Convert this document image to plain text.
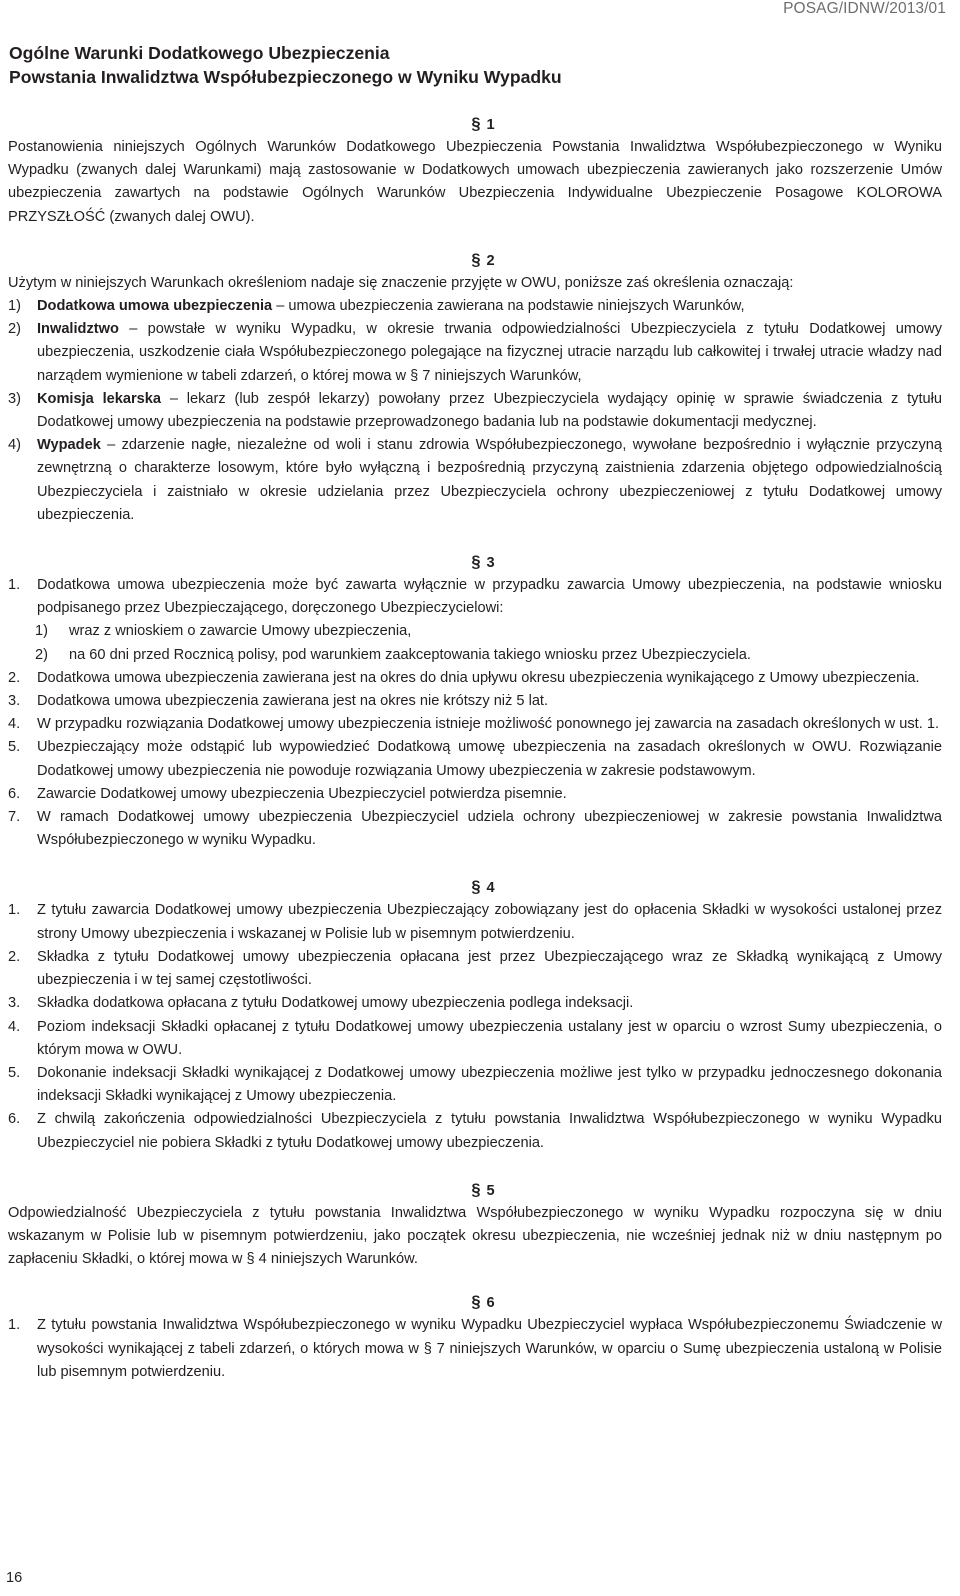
POSAG/IDNW/2013/01
Ogólne Warunki Dodatkowego Ubezpieczenia
Powstania Inwalidztwa Współubezpieczonego w Wyniku Wypadku
§ 1
Postanowienia niniejszych Ogólnych Warunków Dodatkowego Ubezpieczenia Powstania Inwalidztwa Współubezpieczonego w Wyniku Wypadku (zwanych dalej Warunkami) mają zastosowanie w Dodatkowych umowach ubezpieczenia zawieranych jako rozszerzenie Umów ubezpieczenia zawartych na podstawie Ogólnych Warunków Ubezpieczenia Indywidualne Ubezpieczenie Posagowe KOLOROWA PRZYSZŁOŚĆ (zwanych dalej OWU).
§ 2
Użytym w niniejszych Warunkach określeniom nadaje się znaczenie przyjęte w OWU, poniższe zaś określenia oznaczają:
1)	Dodatkowa umowa ubezpieczenia – umowa ubezpieczenia zawierana na podstawie niniejszych Warunków,
2)	Inwalidztwo – powstałe w wyniku Wypadku, w okresie trwania odpowiedzialności Ubezpieczyciela z tytułu Dodatkowej umowy ubezpieczenia, uszkodzenie ciała Współubezpieczonego polegające na fizycznej utracie narządu lub całkowitej i trwałej utracie władzy nad narządem wymienione w tabeli zdarzeń, o której mowa w § 7 niniejszych Warunków,
3)	Komisja lekarska – lekarz (lub zespół lekarzy) powołany przez Ubezpieczyciela wydający opinię w sprawie świadczenia z tytułu Dodatkowej umowy ubezpieczenia na podstawie przeprowadzonego badania lub na podstawie dokumentacji medycznej.
4)	Wypadek – zdarzenie nagłe, niezależne od woli i stanu zdrowia Współubezpieczonego, wywołane bezpośrednio i wyłącznie przyczyną zewnętrzną o charakterze losowym, które było wyłączną i bezpośrednią przyczyną zaistnienia zdarzenia objętego odpowiedzialnością Ubezpieczyciela i zaistniało w okresie udzielania przez Ubezpieczyciela ochrony ubezpieczeniowej z tytułu Dodatkowej umowy ubezpieczenia.
§ 3
1.	Dodatkowa umowa ubezpieczenia może być zawarta wyłącznie w przypadku zawarcia Umowy ubezpieczenia, na podstawie wniosku podpisanego przez Ubezpieczającego, doręczonego Ubezpieczycielowi:
1)	wraz z wnioskiem o zawarcie Umowy ubezpieczenia,
2)	na 60 dni przed Rocznicą polisy, pod warunkiem zaakceptowania takiego wniosku przez Ubezpieczyciela.
2.	Dodatkowa umowa ubezpieczenia zawierana jest na okres do dnia upływu okresu ubezpieczenia wynikającego z Umowy ubezpieczenia.
3.	Dodatkowa umowa ubezpieczenia zawierana jest na okres nie krótszy niż 5 lat.
4.	W przypadku rozwiązania Dodatkowej umowy ubezpieczenia istnieje możliwość ponownego jej zawarcia na zasadach określonych w ust. 1.
5.	Ubezpieczający może odstąpić lub wypowiedzieć Dodatkową umowę ubezpieczenia na zasadach określonych w OWU. Rozwiązanie Dodatkowej umowy ubezpieczenia nie powoduje rozwiązania Umowy ubezpieczenia w zakresie podstawowym.
6.	Zawarcie Dodatkowej umowy ubezpieczenia Ubezpieczyciel potwierdza pisemnie.
7.	W ramach Dodatkowej umowy ubezpieczenia Ubezpieczyciel udziela ochrony ubezpieczeniowej w zakresie powstania Inwalidztwa Współubezpieczonego w wyniku Wypadku.
§ 4
1.	Z tytułu zawarcia Dodatkowej umowy ubezpieczenia Ubezpieczający zobowiązany jest do opłacenia Składki w wysokości ustalonej przez strony Umowy ubezpieczenia i wskazanej w Polisie lub w pisemnym potwierdzeniu.
2.	Składka z tytułu Dodatkowej umowy ubezpieczenia opłacana jest przez Ubezpieczającego wraz ze Składką wynikającą z Umowy ubezpieczenia i w tej samej częstotliwości.
3.	Składka dodatkowa opłacana z tytułu Dodatkowej umowy ubezpieczenia podlega indeksacji.
4.	Poziom indeksacji Składki opłacanej z tytułu Dodatkowej umowy ubezpieczenia ustalany jest w oparciu o wzrost Sumy ubezpieczenia, o którym mowa w OWU.
5.	Dokonanie indeksacji Składki wynikającej z Dodatkowej umowy ubezpieczenia możliwe jest tylko w przypadku jednoczesnego dokonania indeksacji Składki wynikającej z Umowy ubezpieczenia.
6.	Z chwilą zakończenia odpowiedzialności Ubezpieczyciela z tytułu powstania Inwalidztwa Współubezpieczonego w wyniku Wypadku Ubezpieczyciel nie pobiera Składki z tytułu Dodatkowej umowy ubezpieczenia.
§ 5
Odpowiedzialność Ubezpieczyciela z tytułu powstania Inwalidztwa Współubezpieczonego w wyniku Wypadku rozpoczyna się w dniu wskazanym w Polisie lub w pisemnym potwierdzeniu, jako początek okresu ubezpieczenia, nie wcześniej jednak niż w dniu następnym po zapłaceniu Składki, o której mowa w § 4 niniejszych Warunków.
§ 6
1.	Z tytułu powstania Inwalidztwa Współubezpieczonego w wyniku Wypadku Ubezpieczyciel wypłaca Współubezpieczonemu Świadczenie w wysokości wynikającej z tabeli zdarzeń, o których mowa w § 7 niniejszych Warunków, w oparciu o Sumę ubezpieczenia ustaloną w Polisie lub pisemnym potwierdzeniu.
16
